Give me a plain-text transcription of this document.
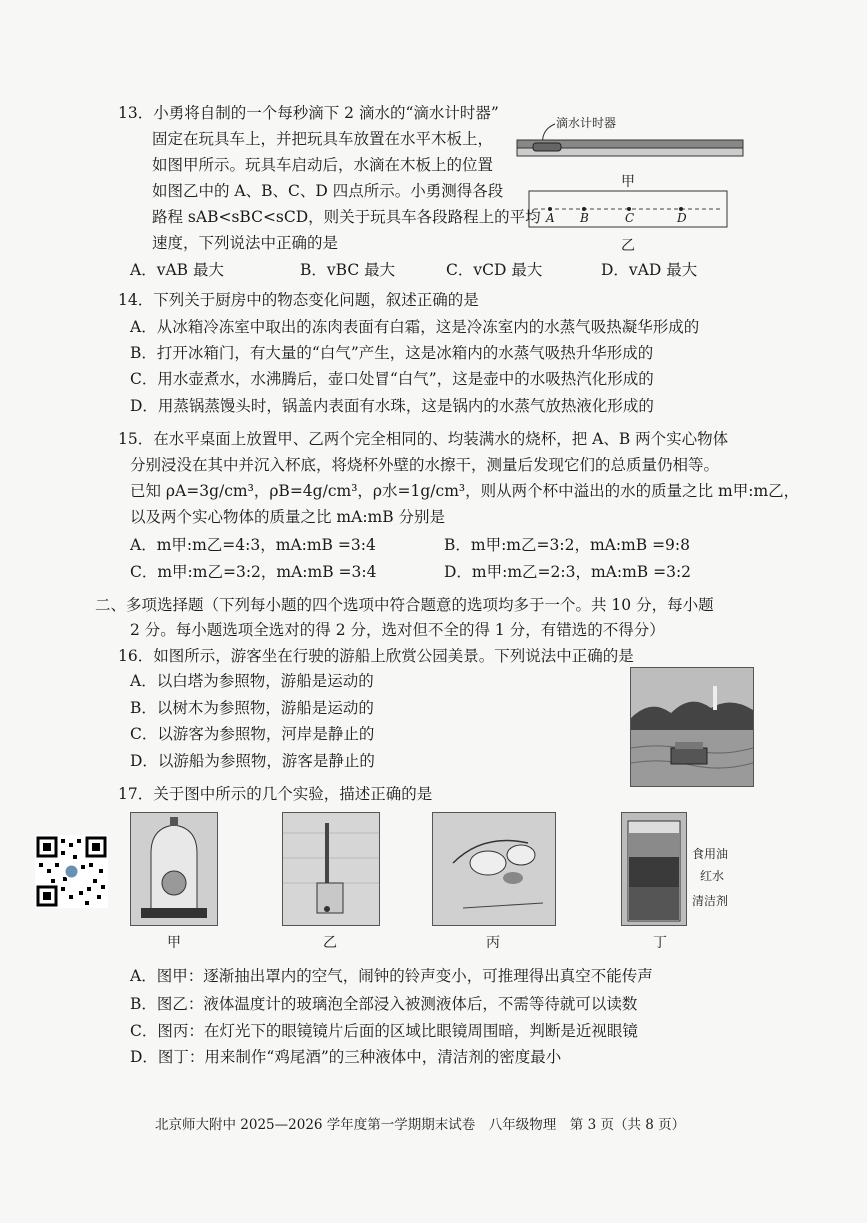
13．小勇将自制的一个每秒滴下 2 滴水的“滴水计时器”
固定在玩具车上，并把玩具车放置在水平木板上，
如图甲所示。玩具车启动后，水滴在木板上的位置
如图乙中的 A、B、C、D 四点所示。小勇测得各段
路程 sAB<sBC<sCD，则关于玩具车各段路程上的平均
速度，下列说法中正确的是
A．vAB 最大	B．vBC 最大	C．vCD 最大	D．vAD 最大
滴水计时器
甲
A B	C	D
乙
14．下列关于厨房中的物态变化问题，叙述正确的是
A．从冰箱冷冻室中取出的冻肉表面有白霜，这是冷冻室内的水蒸气吸热凝华形成的
B．打开冰箱门，有大量的“白气”产生，这是冰箱内的水蒸气吸热升华形成的
C．用水壶煮水，水沸腾后，壶口处冒“白气”，这是壶中的水吸热汽化形成的
D．用蒸锅蒸馒头时，锅盖内表面有水珠，这是锅内的水蒸气放热液化形成的
15．在水平桌面上放置甲、乙两个完全相同的、均装满水的烧杯，把 A、B 两个实心物体
分别浸没在其中并沉入杯底，将烧杯外壁的水擦干，测量后发现它们的总质量仍相等。
已知 ρA=3g/cm³，ρB=4g/cm³，ρ水=1g/cm³，则从两个杯中溢出的水的质量之比 m甲:m乙，
以及两个实心物体的质量之比 mA:mB 分别是
A．m甲:m乙=4:3，mA:mB =3:4	B．m甲:m乙=3:2，mA:mB =9:8
C．m甲:m乙=3:2，mA:mB =3:4	D．m甲:m乙=2:3，mA:mB =3:2
二、多项选择题（下列每小题的四个选项中符合题意的选项均多于一个。共 10 分，每小题
2 分。每小题选项全选对的得 2 分，选对但不全的得 1 分，有错选的不得分）
16．如图所示，游客坐在行驶的游船上欣赏公园美景。下列说法中正确的是
A．以白塔为参照物，游船是运动的
B．以树木为参照物，游船是运动的
C．以游客为参照物，河岸是静止的
D．以游船为参照物，游客是静止的
17．关于图中所示的几个实验，描述正确的是
甲	乙	丙
食用油
红水
清洁剂
丁
A．图甲：逐渐抽出罩内的空气，闹钟的铃声变小，可推理得出真空不能传声
B．图乙：液体温度计的玻璃泡全部浸入被测液体后，不需等待就可以读数
C．图丙：在灯光下的眼镜镜片后面的区域比眼镜周围暗，判断是近视眼镜
D．图丁：用来制作“鸡尾酒”的三种液体中，清洁剂的密度最小
北京师大附中 2025—2026 学年度第一学期期末试卷　八年级物理　第 3 页（共 8 页）
